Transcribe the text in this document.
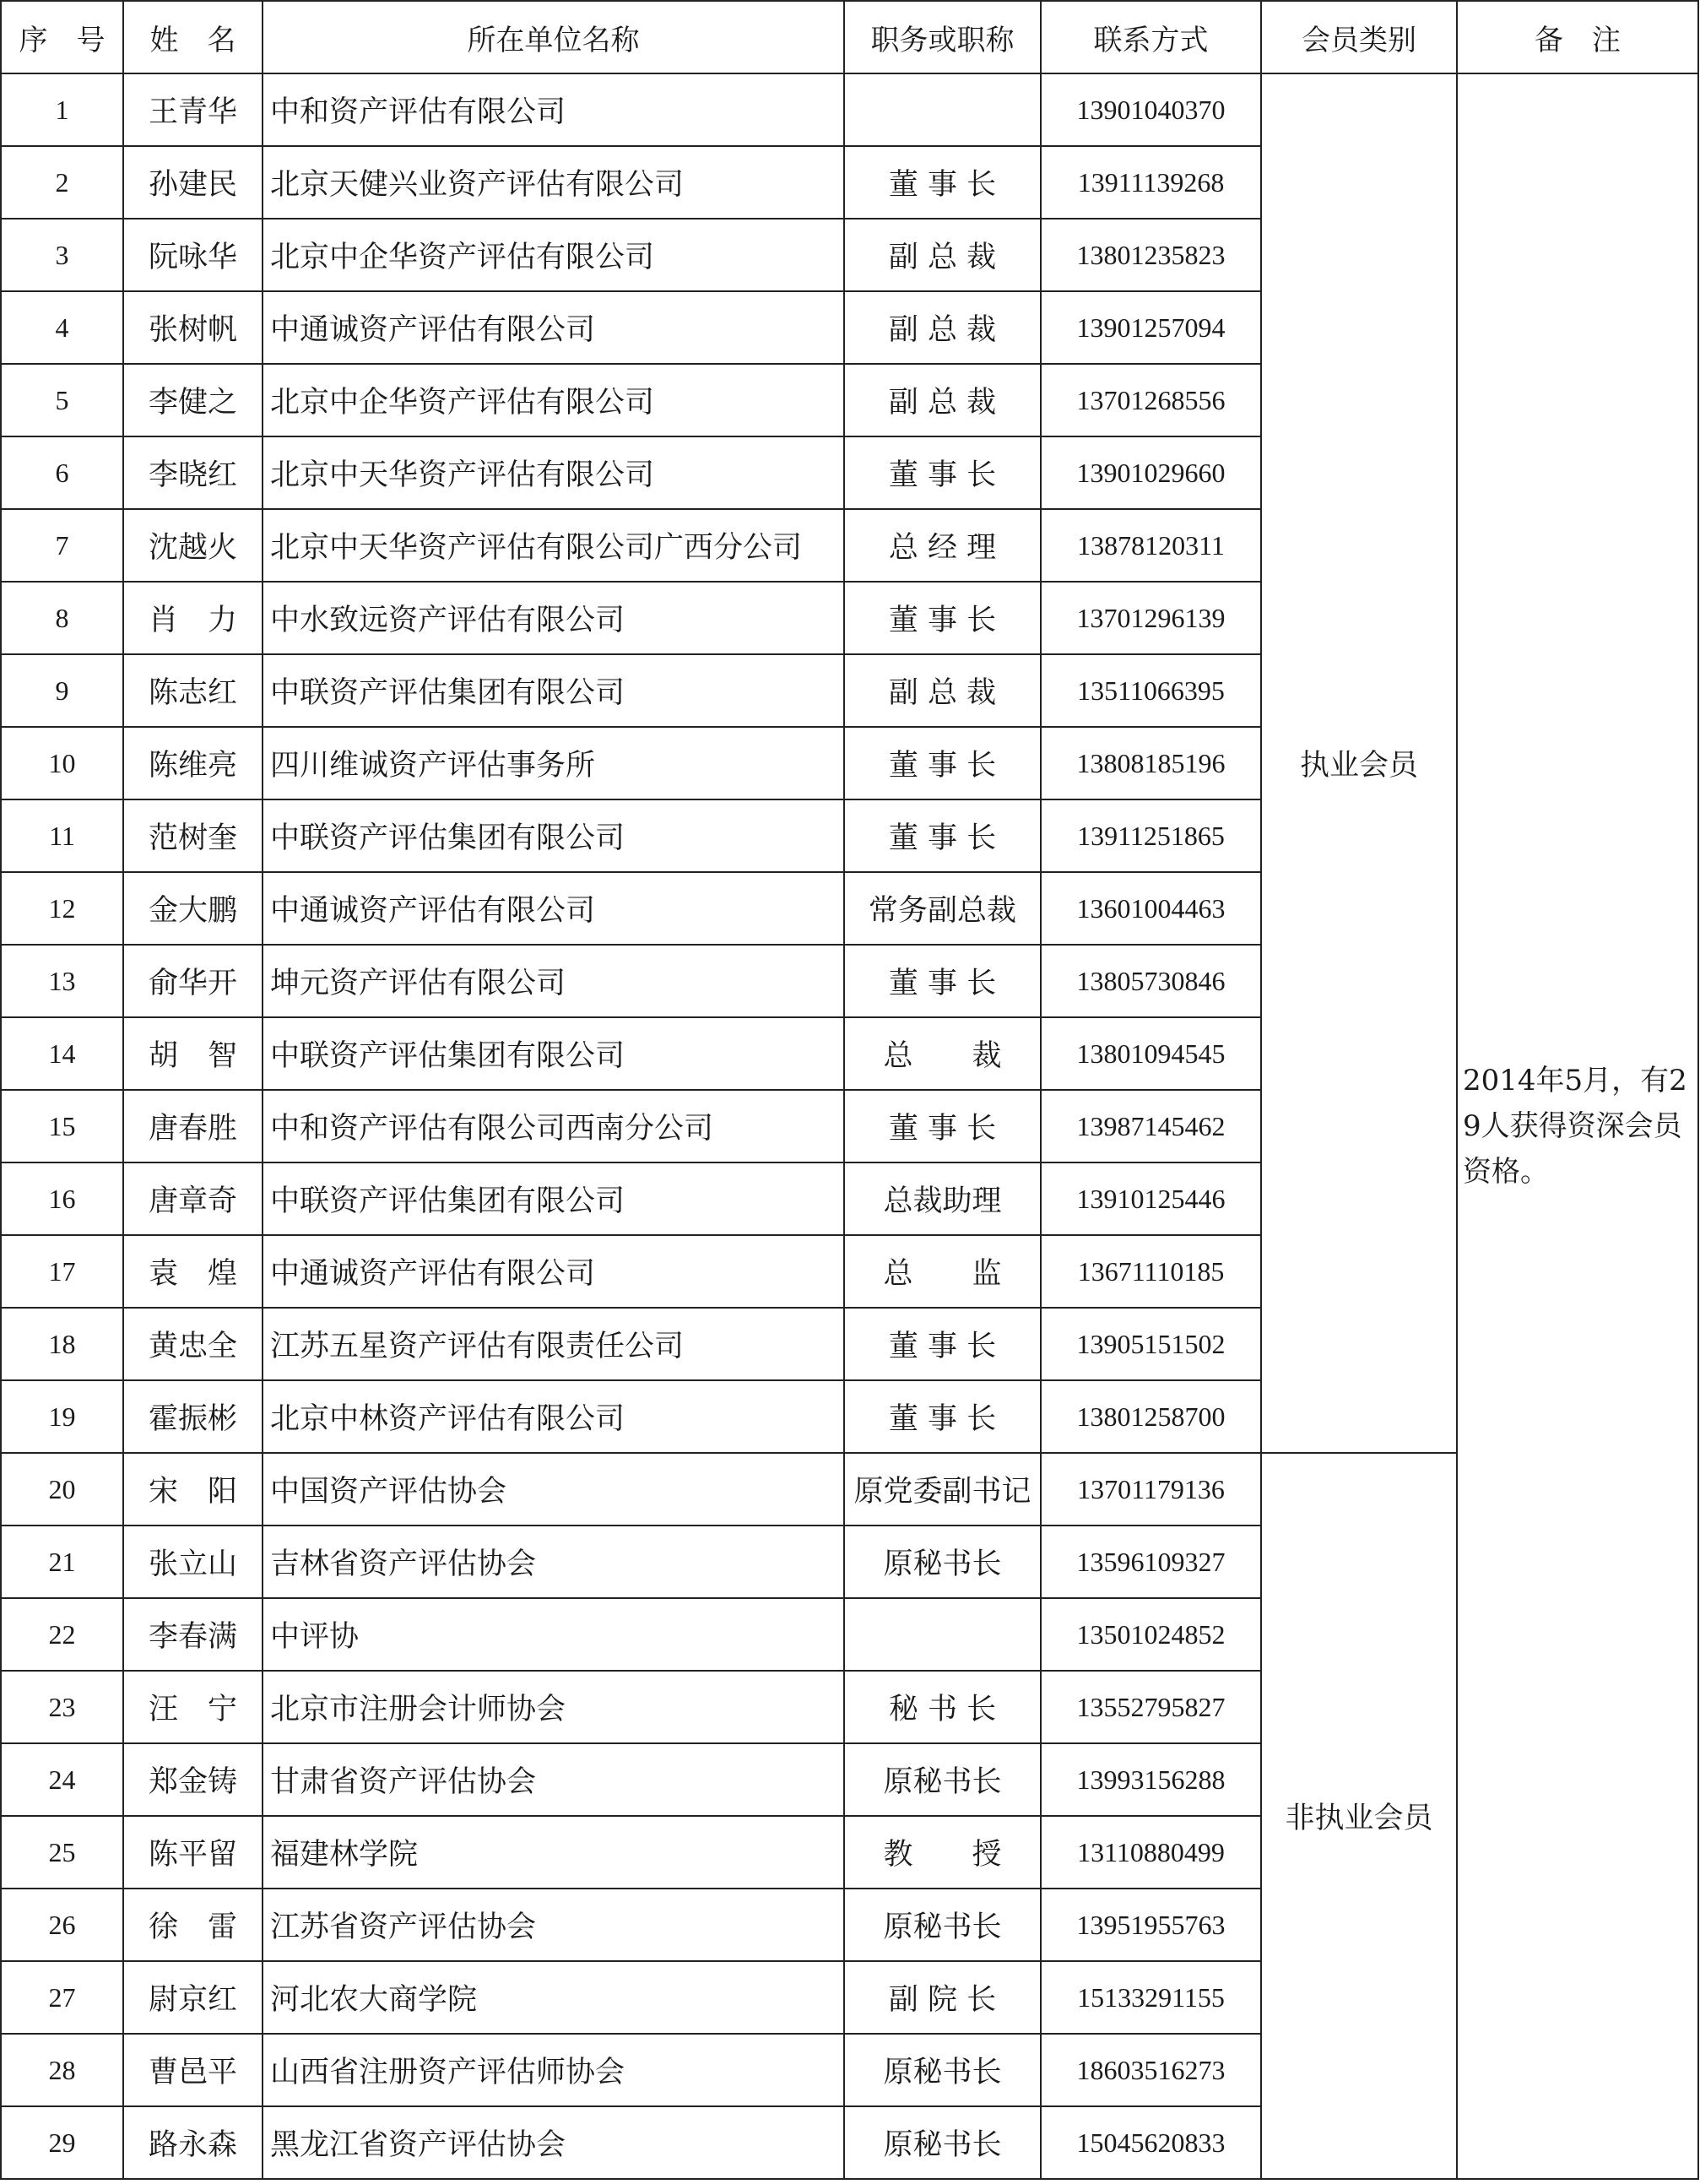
序　号	姓　名	所在单位名称	职务或职称	联系方式	会员类别	备　注
1	王青华	中和资产评估有限公司		13901040370	执业会员	2014年5月，有29人获得资深会员资格。
2	孙建民	北京天健兴业资产评估有限公司	董 事 长	13911139268		
3	阮咏华	北京中企华资产评估有限公司	副 总 裁	13801235823		
4	张树帆	中通诚资产评估有限公司	副 总 裁	13901257094		
5	李健之	北京中企华资产评估有限公司	副 总 裁	13701268556		
6	李晓红	北京中天华资产评估有限公司	董 事 长	13901029660		
7	沈越火	北京中天华资产评估有限公司广西分公司	总 经 理	13878120311		
8	肖　力	中水致远资产评估有限公司	董 事 长	13701296139		
9	陈志红	中联资产评估集团有限公司	副 总 裁	13511066395		
10	陈维亮	四川维诚资产评估事务所	董 事 长	13808185196		
11	范树奎	中联资产评估集团有限公司	董 事 长	13911251865		
12	金大鹏	中通诚资产评估有限公司	常务副总裁	13601004463		
13	俞华开	坤元资产评估有限公司	董 事 长	13805730846		
14	胡　智	中联资产评估集团有限公司	总　　裁	13801094545		
15	唐春胜	中和资产评估有限公司西南分公司	董 事 长	13987145462		
16	唐章奇	中联资产评估集团有限公司	总裁助理	13910125446		
17	袁　煌	中通诚资产评估有限公司	总　　监	13671110185		
18	黄忠全	江苏五星资产评估有限责任公司	董 事 长	13905151502		
19	霍振彬	北京中林资产评估有限公司	董 事 长	13801258700		
20	宋　阳	中国资产评估协会	原党委副书记	13701179136	非执业会员	
21	张立山	吉林省资产评估协会	原秘书长	13596109327		
22	李春满	中评协		13501024852		
23	汪　宁	北京市注册会计师协会	秘 书 长	13552795827		
24	郑金铸	甘肃省资产评估协会	原秘书长	13993156288		
25	陈平留	福建林学院	教　　授	13110880499		
26	徐　雷	江苏省资产评估协会	原秘书长	13951955763		
27	尉京红	河北农大商学院	副 院 长	15133291155		
28	曹邑平	山西省注册资产评估师协会	原秘书长	18603516273		
29	路永森	黑龙江省资产评估协会	原秘书长	15045620833		
